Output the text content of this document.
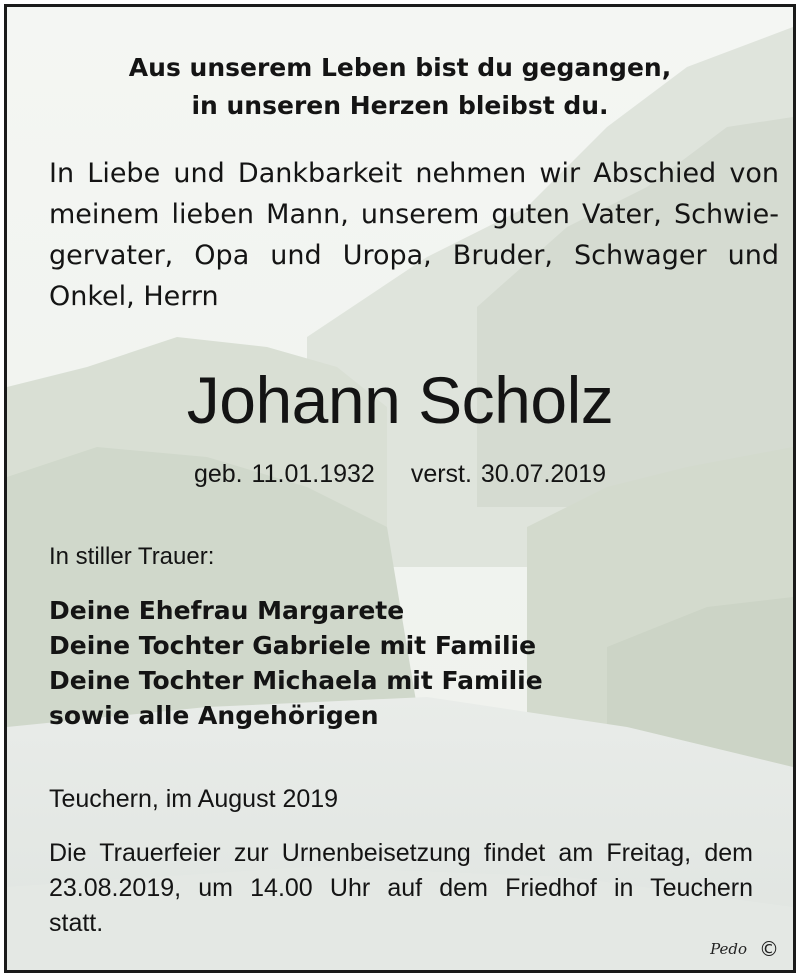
Aus unserem Leben bist du gegangen,
in unseren Herzen bleibst du.
In Liebe und Dankbarkeit nehmen wir Abschied von
meinem lieben Mann, unserem guten Vater, Schwie-
gervater, Opa und Uropa, Bruder, Schwager und
Onkel, Herrn
Johann Scholz
geb. 11.01.1932 verst. 30.07.2019
In stiller Trauer:
Deine Ehefrau Margarete
Deine Tochter Gabriele mit Familie
Deine Tochter Michaela mit Familie
sowie alle Angehörigen
Teuchern, im August 2019
Die Trauerfeier zur Urnenbeisetzung findet am Freitag, dem
23.08.2019, um 14.00 Uhr auf dem Friedhof in Teuchern
statt.
Pedo ©
